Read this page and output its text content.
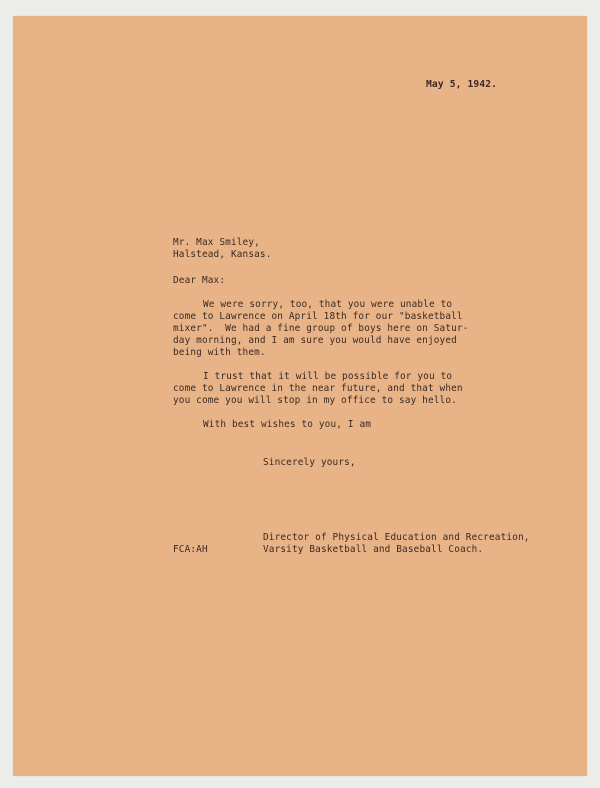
May 5, 1942.

Mr. Max Smiley,

Halstead, Kansas.

Dear Max:

We were sorry, too, that you were unable to

come to Lawrence on April 18th for our "basketball

mixer".  We had a fine group of boys here on Satur-

day morning, and I am sure you would have enjoyed

being with them.

I trust that it will be possible for you to

come to Lawrence in the near future, and that when

you come you will stop in my office to say hello.

With best wishes to you, I am

Sincerely yours,

Director of Physical Education and Recreation,

Varsity Basketball and Baseball Coach.

FCA:AH
